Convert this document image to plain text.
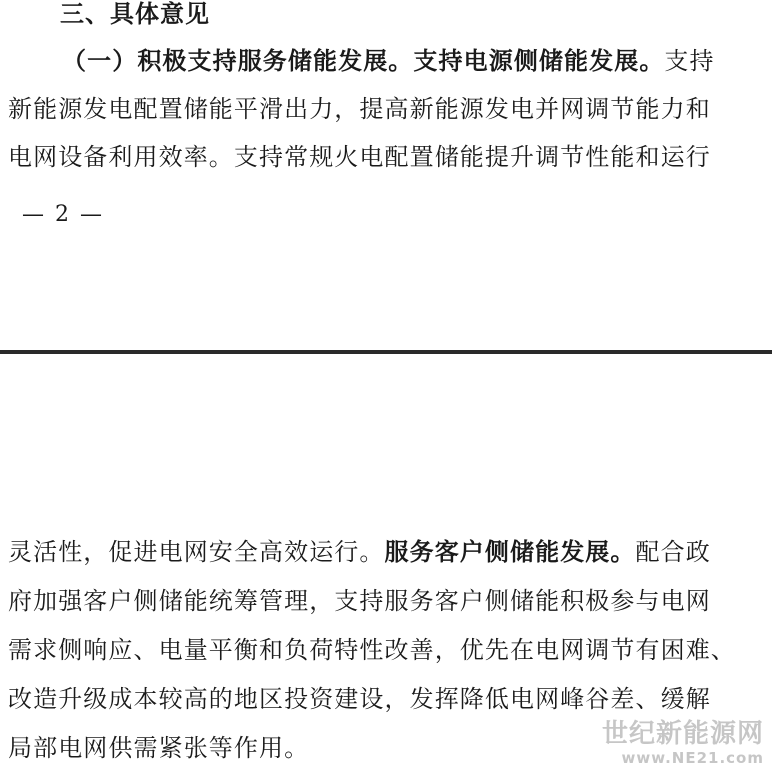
三、具体意见
（一）积极支持服务储能发展。支持电源侧储能发展。支持
新能源发电配置储能平滑出力，提高新能源发电并网调节能力和
电网设备利用效率。支持常规火电配置储能提升调节性能和运行
— 2 —
灵活性，促进电网安全高效运行。服务客户侧储能发展。配合政
府加强客户侧储能统筹管理，支持服务客户侧储能积极参与电网
需求侧响应、电量平衡和负荷特性改善，优先在电网调节有困难、
改造升级成本较高的地区投资建设，发挥降低电网峰谷差、缓解
局部电网供需紧张等作用。	世纪新能源网
www.NE21.com
